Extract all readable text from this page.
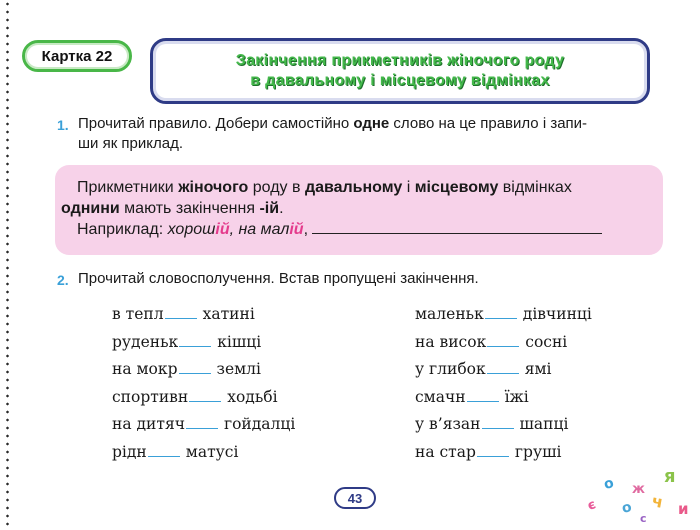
Картка 22	Закінчення прикметників жіночого роду
в давальному і місцевому відмінках
1. Прочитай правило. Добери самостійно одне слово на це правило і запи-
ши як приклад.
Прикметники жіночого роду в давальному і місцевому відмінках
однини мають закінчення -ій.
Наприклад: хорошій, на малій,
2. Прочитай словосполучення. Встав пропущені закінчення.
в тепл	хатині
руденьк	кішці
на мокр	землі
спортивн	ходьбі
на дитяч	гойдалці
рідн	матусі
маленьк	дівчинці
на висок	сосні
у глибок	ямі
смачн	їжі
у в’язан	шапці
на стар	груші
43	є
о
о
ж
ч
я
и
с
